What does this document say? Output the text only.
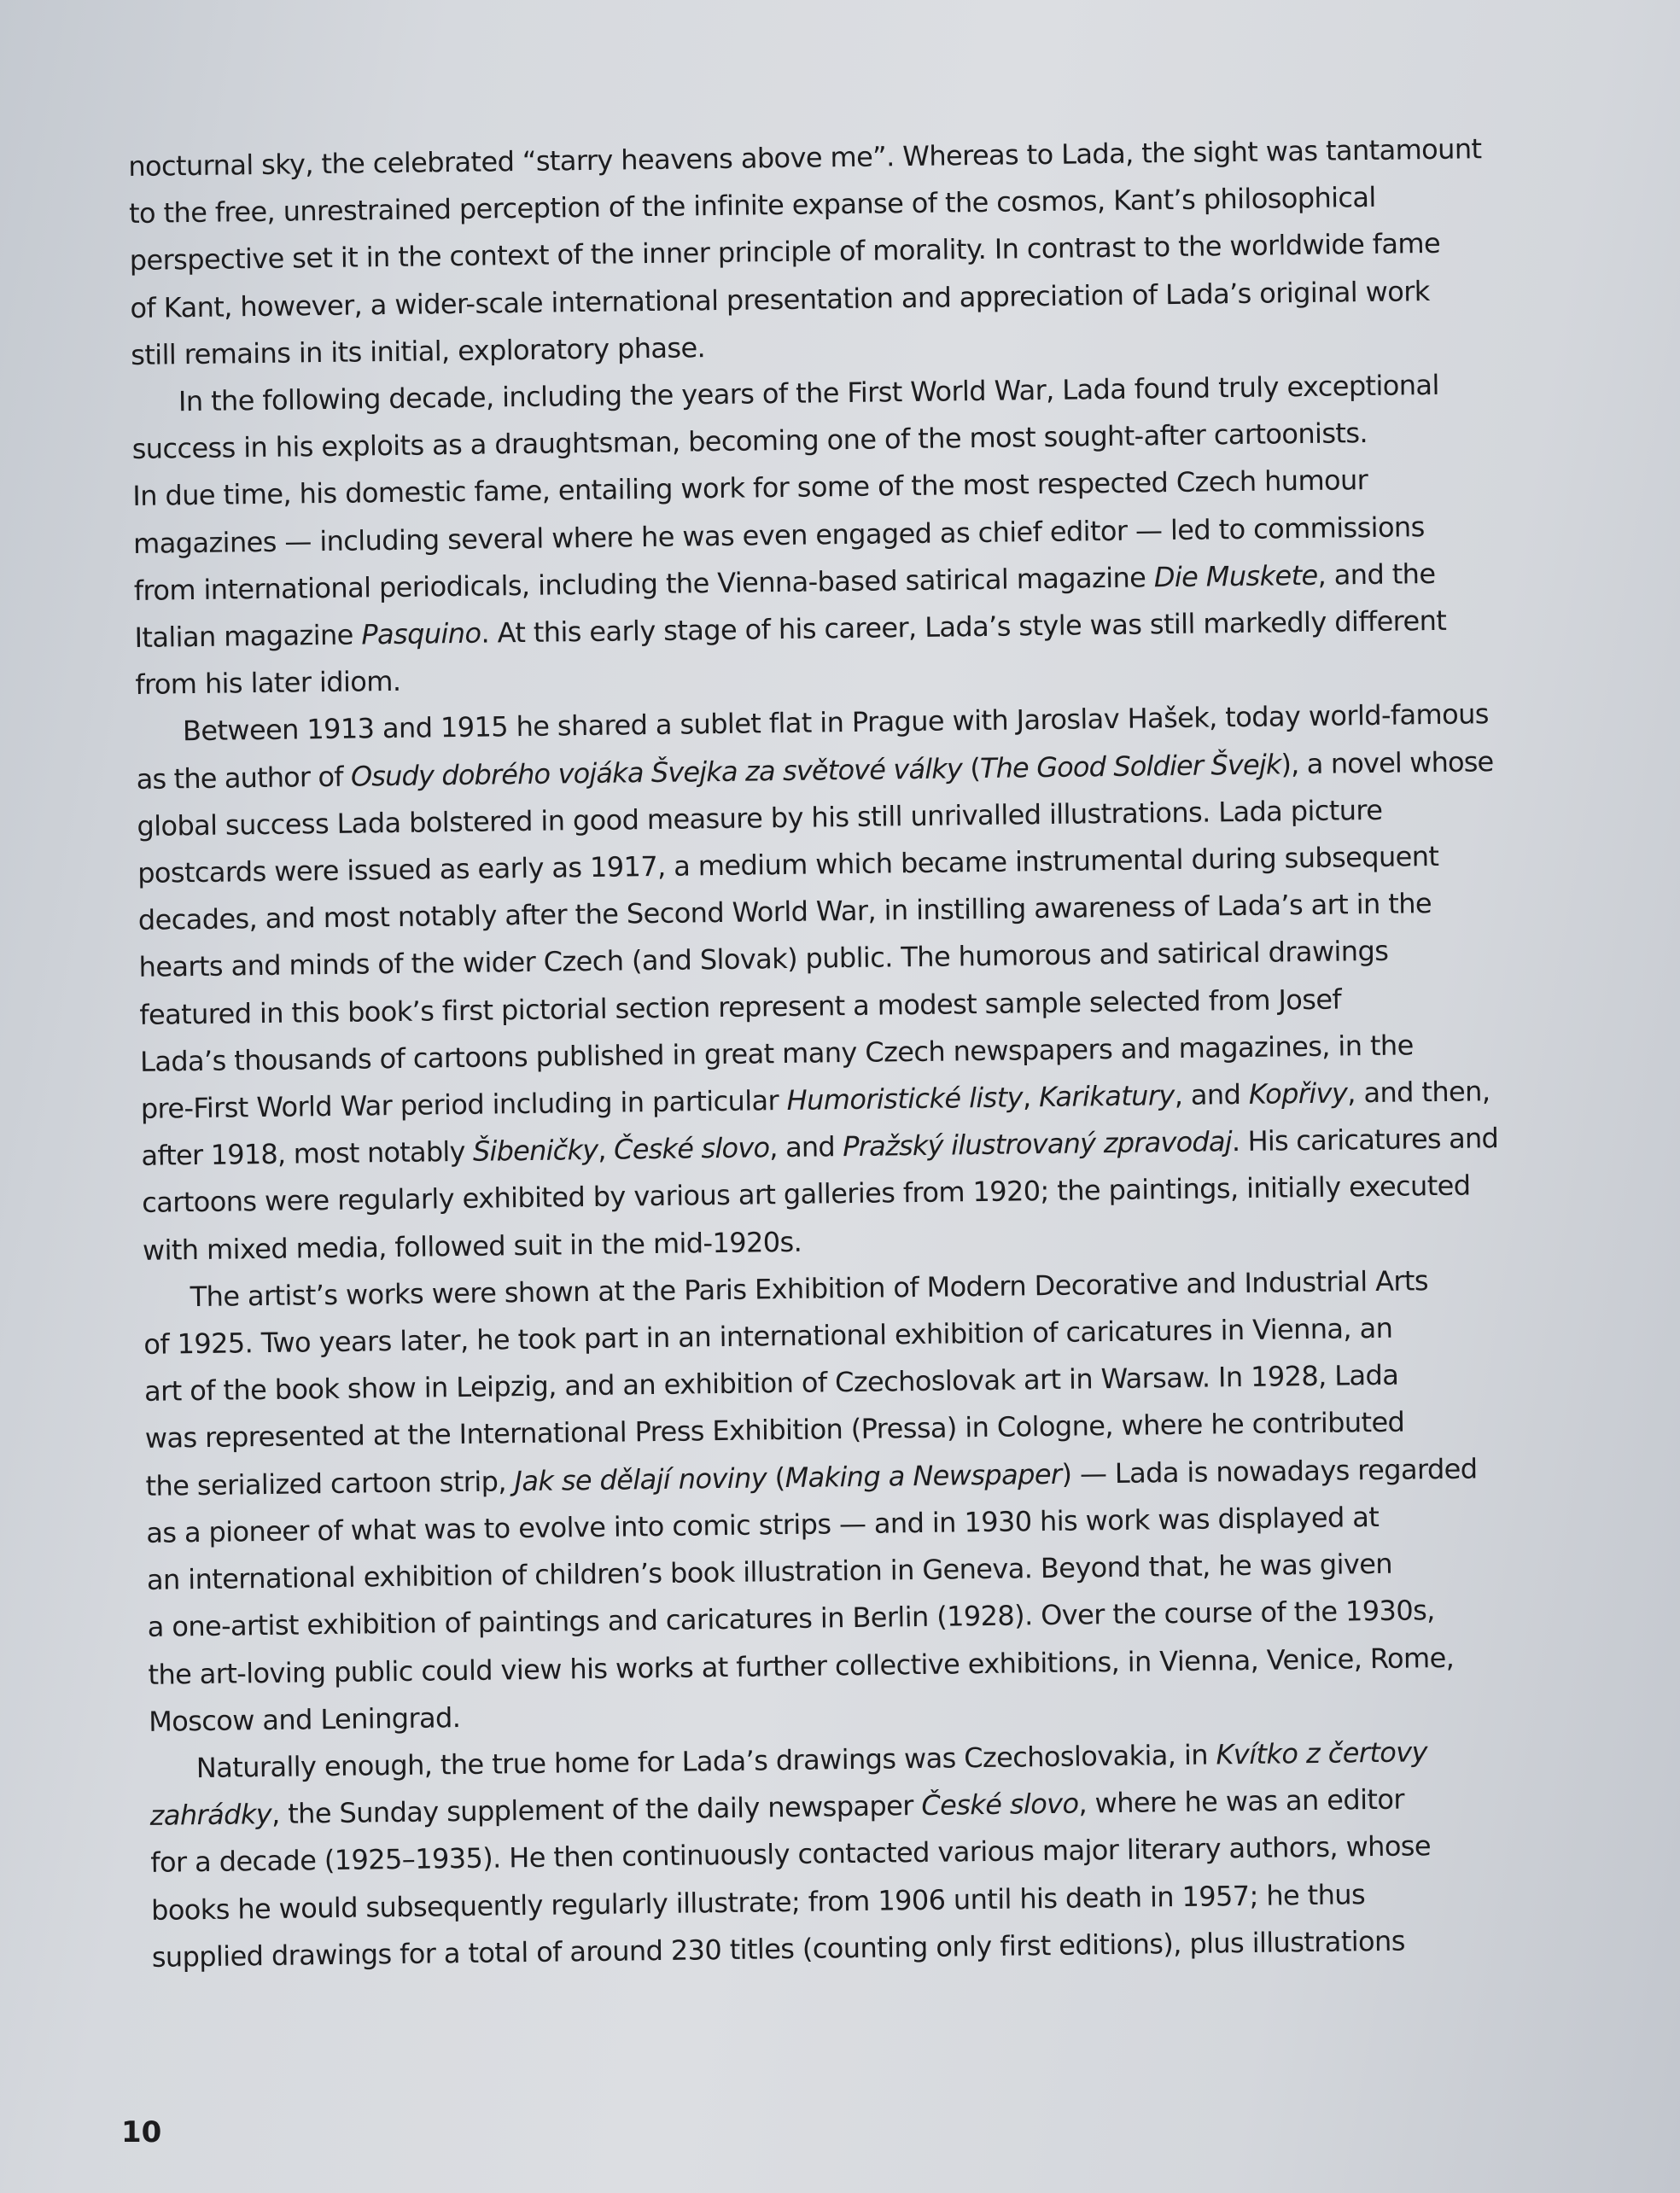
nocturnal sky, the celebrated “starry heavens above me”. Whereas to Lada, the sight was tantamount
to the free, unrestrained perception of the infinite expanse of the cosmos, Kant’s philosophical
perspective set it in the context of the inner principle of morality. In contrast to the worldwide fame
of Kant, however, a wider-scale international presentation and appreciation of Lada’s original work
still remains in its initial, exploratory phase.
In the following decade, including the years of the First World War, Lada found truly exceptional
success in his exploits as a draughtsman, becoming one of the most sought-after cartoonists.
In due time, his domestic fame, entailing work for some of the most respected Czech humour
magazines — including several where he was even engaged as chief editor — led to commissions
from international periodicals, including the Vienna-based satirical magazine Die Muskete, and the
Italian magazine Pasquino. At this early stage of his career, Lada’s style was still markedly different
from his later idiom.
Between 1913 and 1915 he shared a sublet flat in Prague with Jaroslav Hašek, today world-famous
as the author of Osudy dobrého vojáka Švejka za světové války (The Good Soldier Švejk), a novel whose
global success Lada bolstered in good measure by his still unrivalled illustrations. Lada picture
postcards were issued as early as 1917, a medium which became instrumental during subsequent
decades, and most notably after the Second World War, in instilling awareness of Lada’s art in the
hearts and minds of the wider Czech (and Slovak) public. The humorous and satirical drawings
featured in this book’s first pictorial section represent a modest sample selected from Josef
Lada’s thousands of cartoons published in great many Czech newspapers and magazines, in the
pre-First World War period including in particular Humoristické listy, Karikatury, and Kopřivy, and then,
after 1918, most notably Šibeničky, České slovo, and Pražský ilustrovaný zpravodaj. His caricatures and
cartoons were regularly exhibited by various art galleries from 1920; the paintings, initially executed
with mixed media, followed suit in the mid-1920s.
The artist’s works were shown at the Paris Exhibition of Modern Decorative and Industrial Arts
of 1925. Two years later, he took part in an international exhibition of caricatures in Vienna, an
art of the book show in Leipzig, and an exhibition of Czechoslovak art in Warsaw. In 1928, Lada
was represented at the International Press Exhibition (Pressa) in Cologne, where he contributed
the serialized cartoon strip, Jak se dělají noviny (Making a Newspaper) — Lada is nowadays regarded
as a pioneer of what was to evolve into comic strips — and in 1930 his work was displayed at
an international exhibition of children’s book illustration in Geneva. Beyond that, he was given
a one-artist exhibition of paintings and caricatures in Berlin (1928). Over the course of the 1930s,
the art-loving public could view his works at further collective exhibitions, in Vienna, Venice, Rome,
Moscow and Leningrad.
Naturally enough, the true home for Lada’s drawings was Czechoslovakia, in Kvítko z čertovy
zahrádky, the Sunday supplement of the daily newspaper České slovo, where he was an editor
for a decade (1925–1935). He then continuously contacted various major literary authors, whose
books he would subsequently regularly illustrate; from 1906 until his death in 1957; he thus
supplied drawings for a total of around 230 titles (counting only first editions), plus illustrations
10
